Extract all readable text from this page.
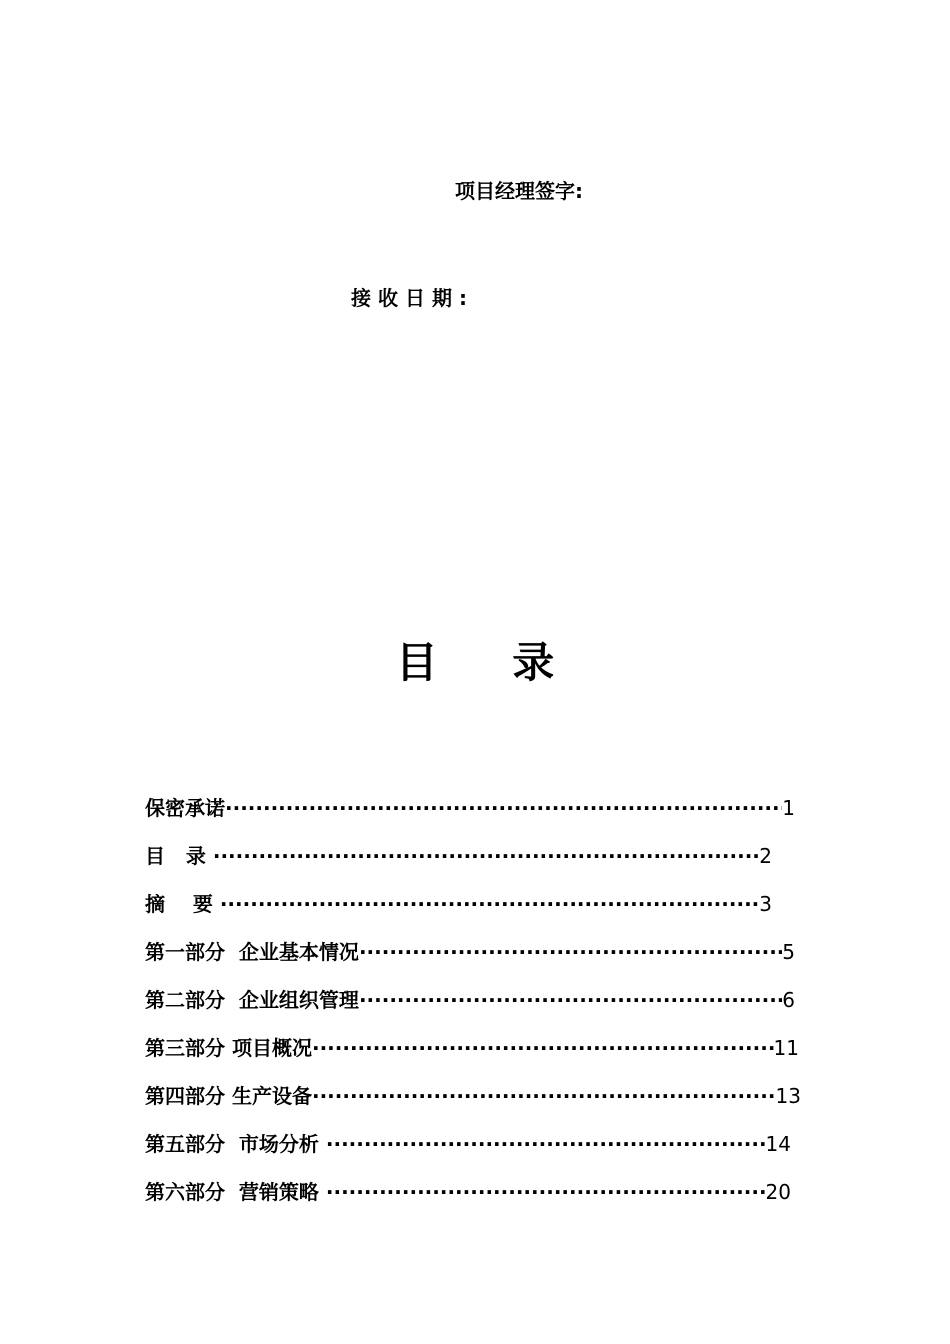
项目经理签字:
接收日期:
目 录
保密承诺 ·····	1
目   录 ·····	2
摘    要 ·····	3
第一部分  企业基本情况 ·····	5
第二部分  企业组织管理 ·····	6
第三部分 项目概况 ·····	11
第四部分 生产设备 ·····	13
第五部分  市场分析 ·····	14
第六部分  营销策略 ·····	20
